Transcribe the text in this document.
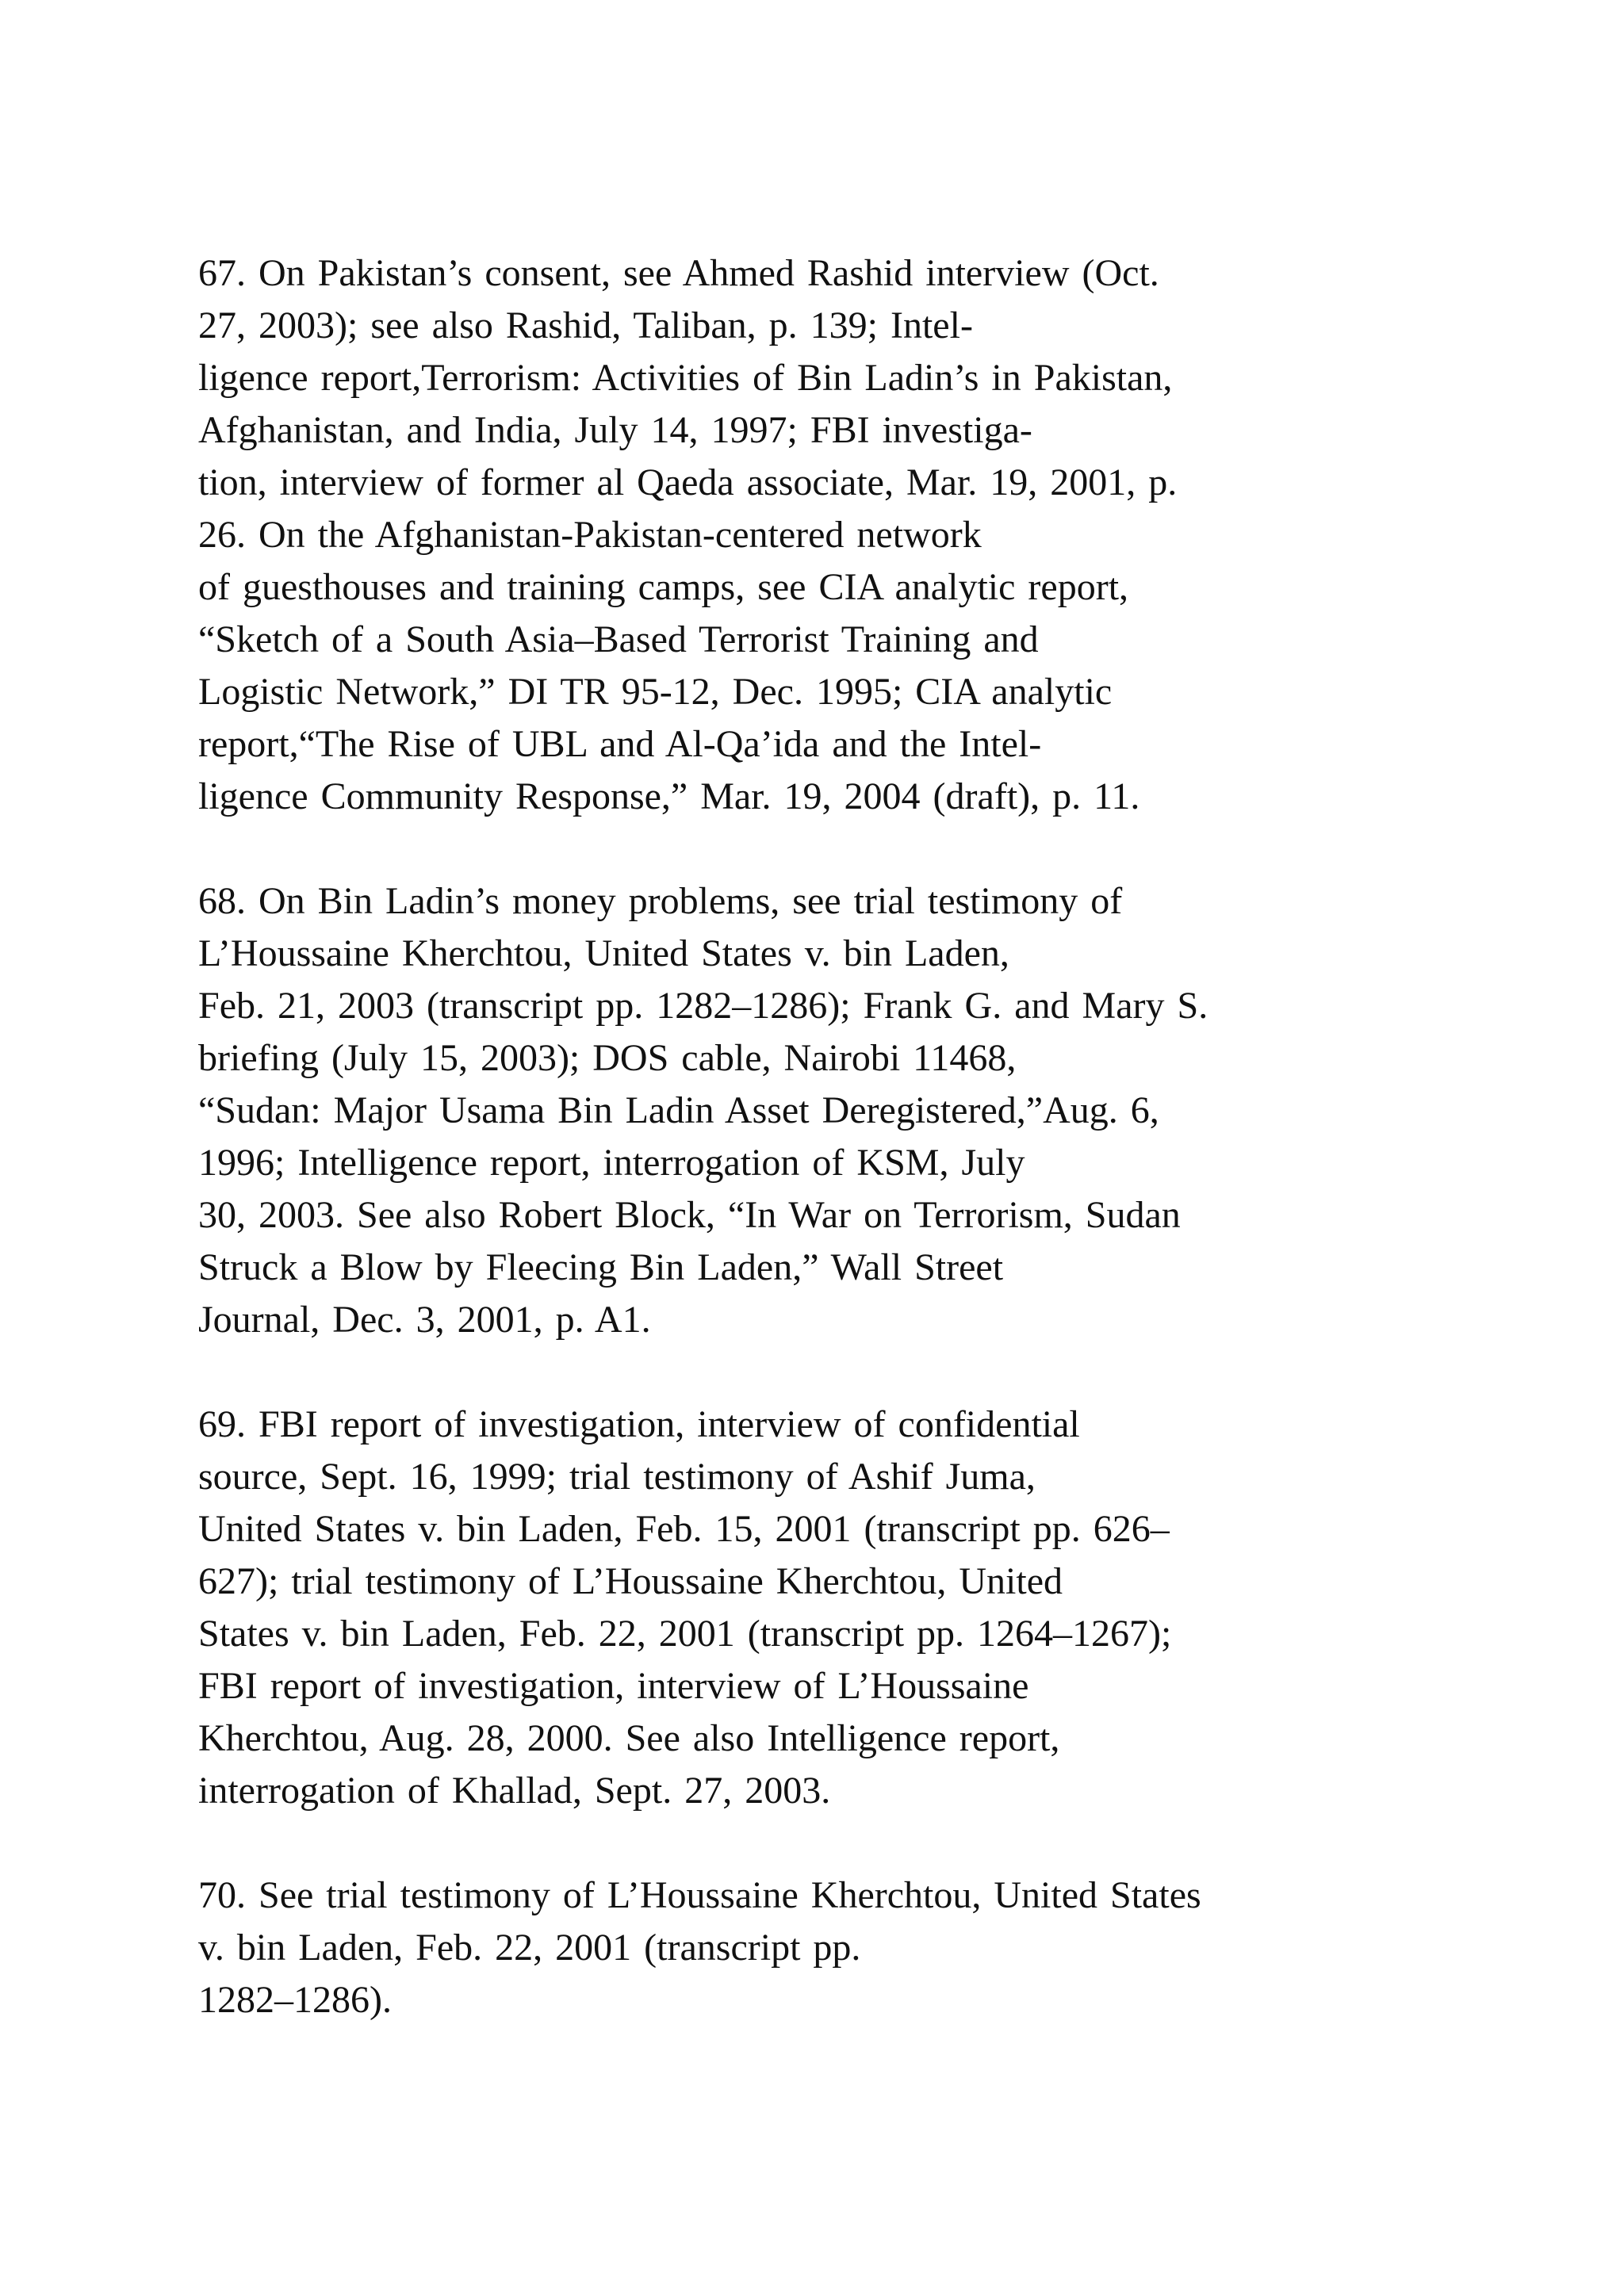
67. On Pakistan’s consent, see Ahmed Rashid interview (Oct.
27, 2003); see also Rashid, Taliban, p. 139; Intel-
ligence report,Terrorism: Activities of Bin Ladin’s in Pakistan,
Afghanistan, and India, July 14, 1997; FBI investiga-
tion, interview of former al Qaeda associate, Mar. 19, 2001, p.
26. On the Afghanistan-Pakistan-centered network
of guesthouses and training camps, see CIA analytic report,
“Sketch of a South Asia–Based Terrorist Training and
Logistic Network,” DI TR 95-12, Dec. 1995; CIA analytic
report,“The Rise of UBL and Al-Qa’ida and the Intel-
ligence Community Response,” Mar. 19, 2004 (draft), p. 11.
68. On Bin Ladin’s money problems, see trial testimony of
L’Houssaine Kherchtou, United States v. bin Laden,
Feb. 21, 2003 (transcript pp. 1282–1286); Frank G. and Mary S.
briefing (July 15, 2003); DOS cable, Nairobi 11468,
“Sudan: Major Usama Bin Ladin Asset Deregistered,”Aug. 6,
1996; Intelligence report, interrogation of KSM, July
30, 2003. See also Robert Block, “In War on Terrorism, Sudan
Struck a Blow by Fleecing Bin Laden,” Wall Street
Journal, Dec. 3, 2001, p. A1.
69. FBI report of investigation, interview of confidential
source, Sept. 16, 1999; trial testimony of Ashif Juma,
United States v. bin Laden, Feb. 15, 2001 (transcript pp. 626–
627); trial testimony of L’Houssaine Kherchtou, United
States v. bin Laden, Feb. 22, 2001 (transcript pp. 1264–1267);
FBI report of investigation, interview of L’Houssaine
Kherchtou, Aug. 28, 2000. See also Intelligence report,
interrogation of Khallad, Sept. 27, 2003.
70. See trial testimony of L’Houssaine Kherchtou, United States
v. bin Laden, Feb. 22, 2001 (transcript pp.
1282–1286).
